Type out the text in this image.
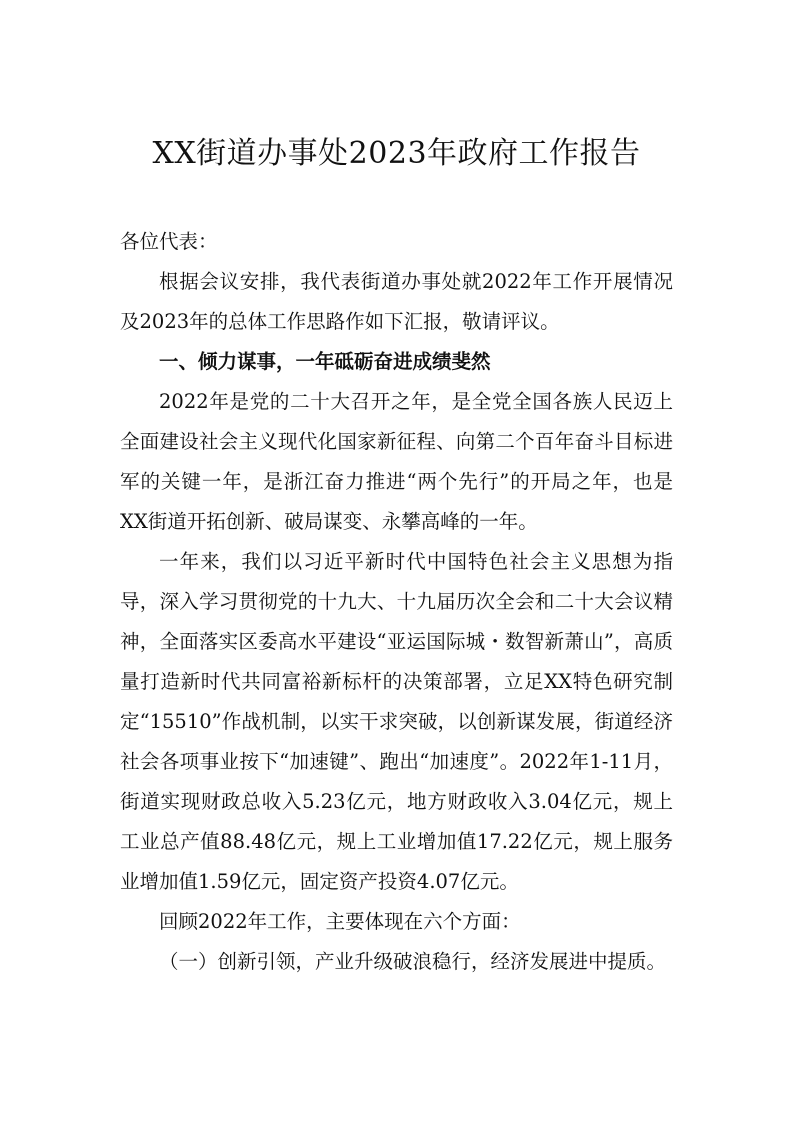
XX街道办事处2023年政府工作报告

各位代表：

根据会议安排，我代表街道办事处就2022年工作开展情况及2023年的总体工作思路作如下汇报，敬请评议。

一、倾力谋事，一年砥砺奋进成绩斐然

2022年是党的二十大召开之年，是全党全国各族人民迈上全面建设社会主义现代化国家新征程、向第二个百年奋斗目标进军的关键一年，是浙江奋力推进“两个先行”的开局之年，也是XX街道开拓创新、破局谋变、永攀高峰的一年。

一年来，我们以习近平新时代中国特色社会主义思想为指导，深入学习贯彻党的十九大、十九届历次全会和二十大会议精神，全面落实区委高水平建设“亚运国际城・数智新萧山”，高质量打造新时代共同富裕新标杆的决策部署，立足XX特色研究制定“15510”作战机制，以实干求突破，以创新谋发展，街道经济社会各项事业按下“加速键”、跑出“加速度”。2022年1-11月，街道实现财政总收入5.23亿元，地方财政收入3.04亿元，规上工业总产值88.48亿元，规上工业增加值17.22亿元，规上服务业增加值1.59亿元，固定资产投资4.07亿元。

回顾2022年工作，主要体现在六个方面：

（一）创新引领，产业升级破浪稳行，经济发展进中提质。
